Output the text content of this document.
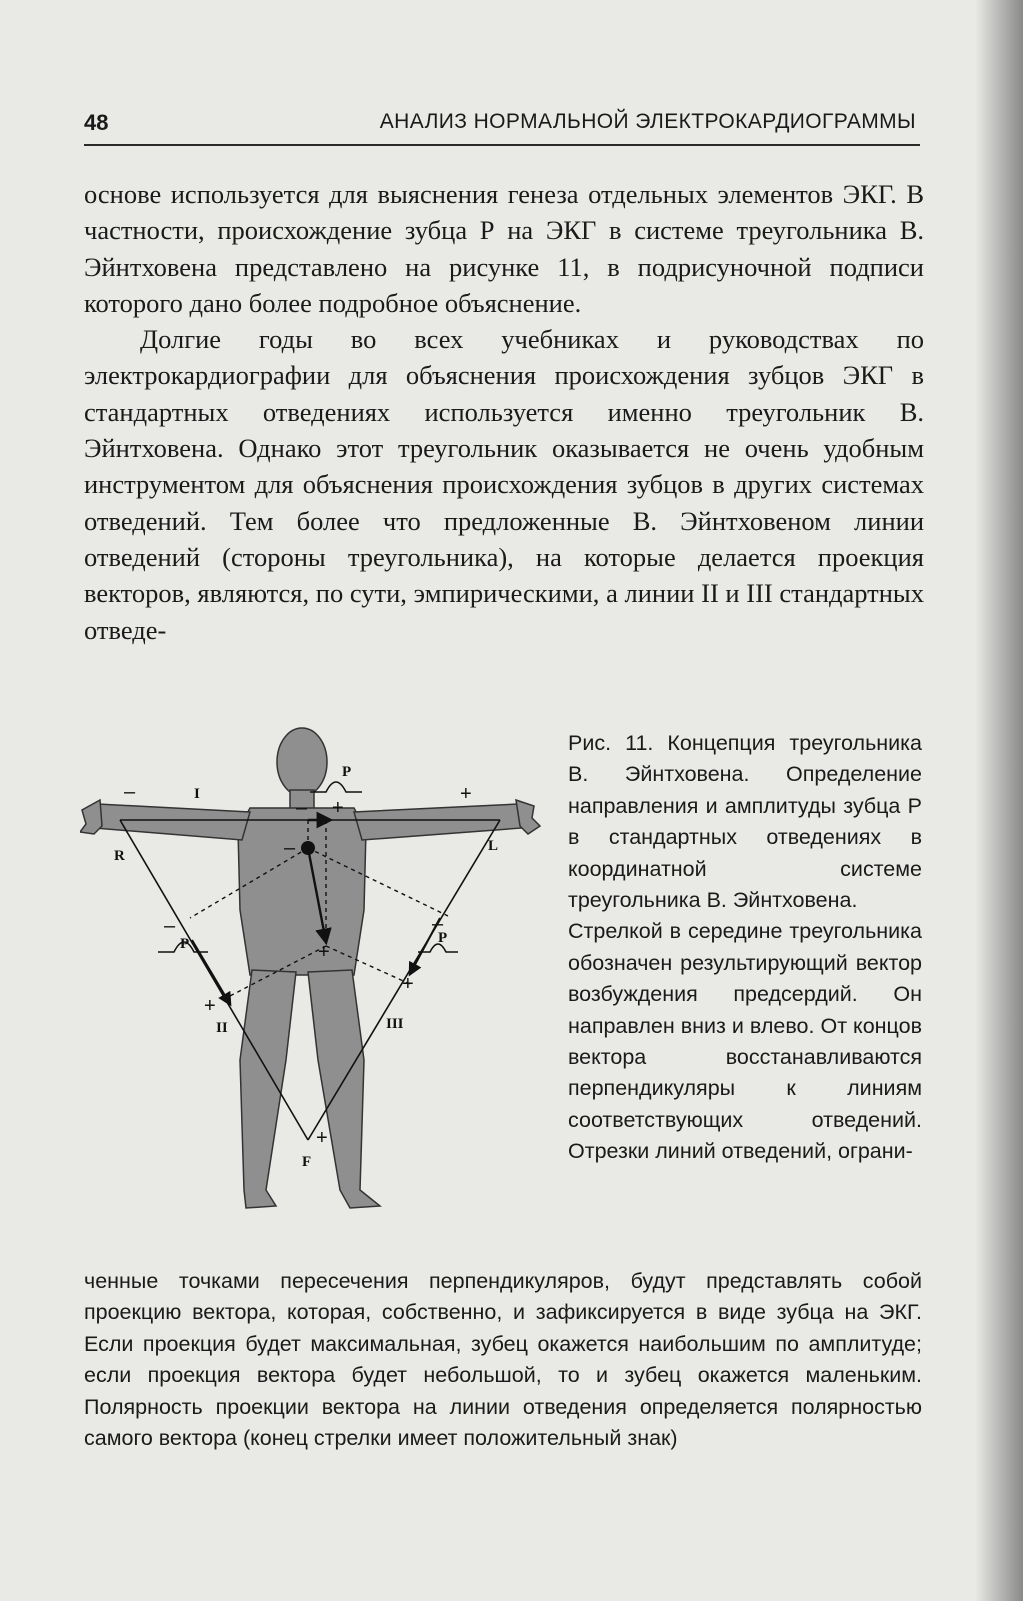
48	АНАЛИЗ НОРМАЛЬНОЙ ЭЛЕКТРОКАРДИОГРАММЫ

основе используется для выяснения генеза отдельных элементов ЭКГ. В частности, происхождение зубца Р на ЭКГ в системе треугольника В. Эйнтховена представлено на рисунке 11, в подрисуночной подписи которого дано более подробное объяснение.

Долгие годы во всех учебниках и руководствах по электрокардиографии для объяснения происхождения зубцов ЭКГ в стандартных отведениях используется именно треугольник В. Эйнтховена. Однако этот треугольник оказывается не очень удобным инструментом для объяснения происхождения зубцов в других системах отведений. Тем более что предложенные В. Эйнтховеном линии отведений (стороны треугольника), на которые делается проекция векторов, являются, по сути, эмпирическими, а линии II и III стандартных отведе-

R
L
F
I
II	III
P
P	P
–	+
– +
–
+
–
+
–
+
+

Рис. 11. Концепция треугольника В. Эйнтховена. Определение направления и амплитуды зубца Р в стандартных отведениях в координатной системе треугольника В. Эйнтховена.

Стрелкой в середине треугольника обозначен результирующий вектор возбуждения предсердий. Он направлен вниз и влево. От концов вектора восстанавливаются перпендикуляры к линиям соответствующих отведений. Отрезки линий отведений, ограни-

ченные точками пересечения перпендикуляров, будут представлять собой проекцию вектора, которая, собственно, и зафиксируется в виде зубца на ЭКГ. Если проекция будет максимальная, зубец окажется наибольшим по амплитуде; если проекция вектора будет небольшой, то и зубец окажется маленьким. Полярность проекции вектора на линии отведения определяется полярностью самого вектора (конец стрелки имеет положительный знак)
